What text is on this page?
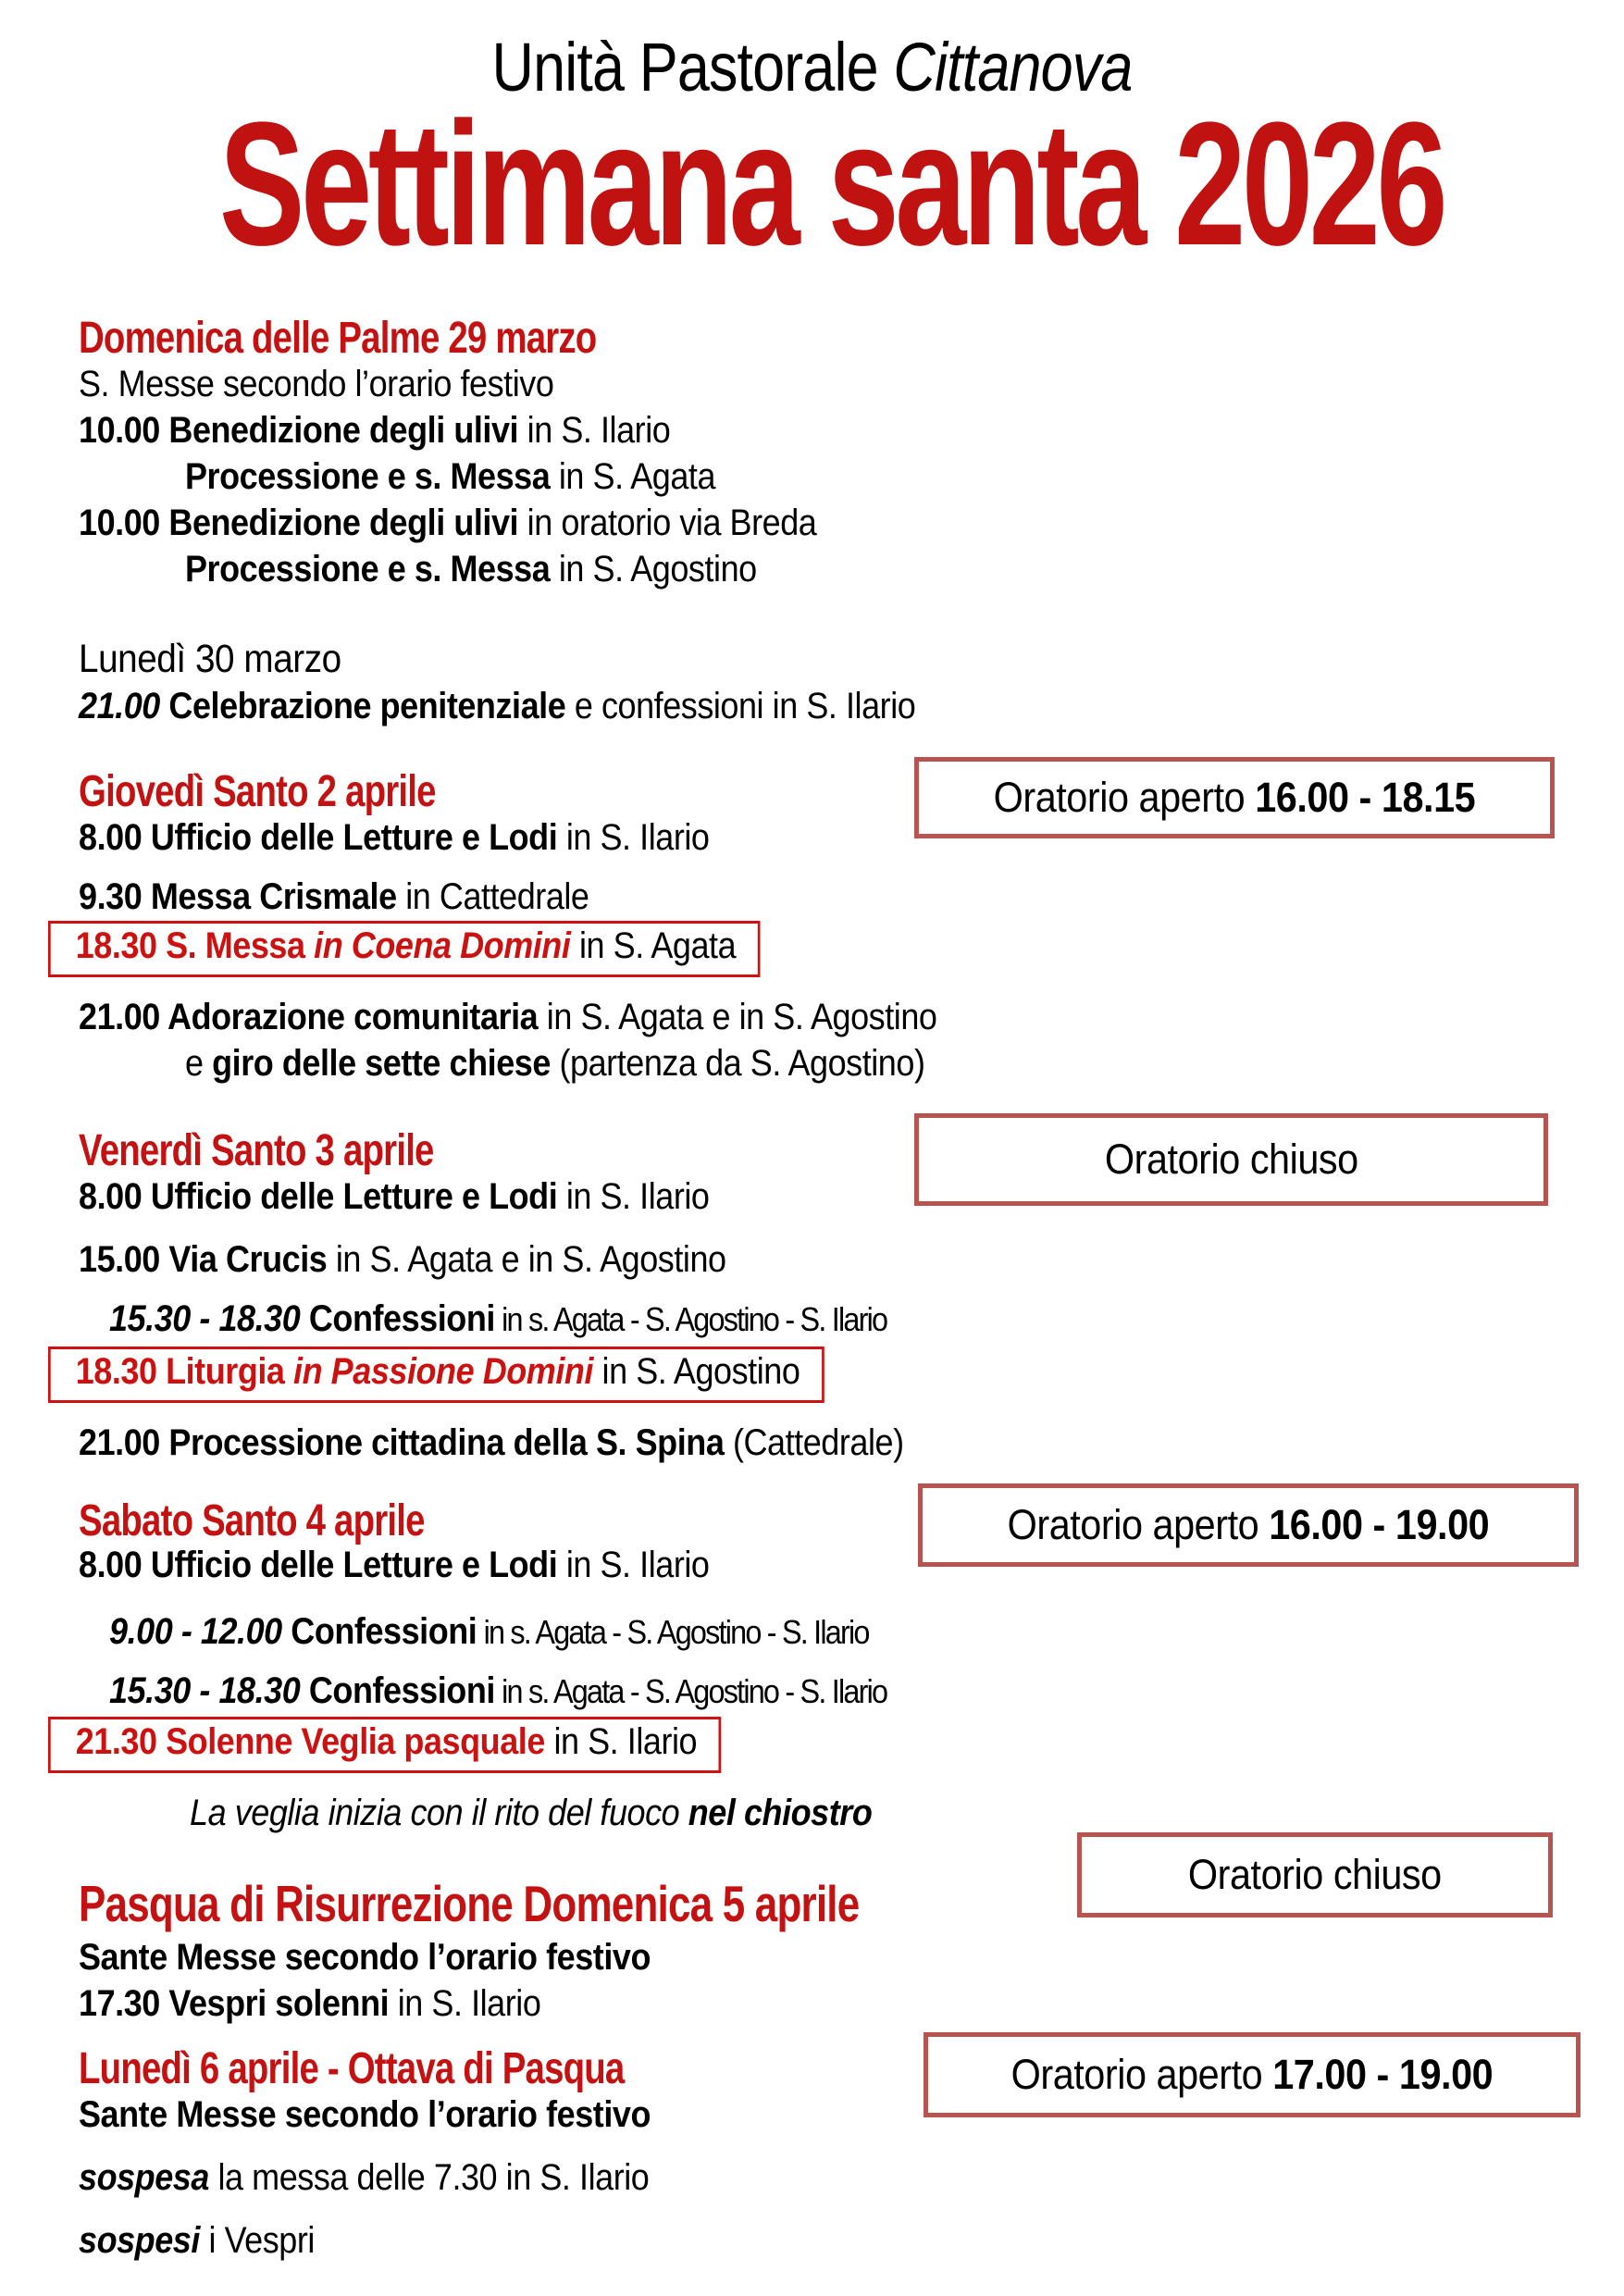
Unità Pastorale Cittanova
Settimana santa 2026
Domenica delle Palme 29 marzo
S. Messe secondo l’orario festivo
10.00 Benedizione degli ulivi in S. Ilario
Processione e s. Messa in S. Agata
10.00 Benedizione degli ulivi in oratorio via Breda
Processione e s. Messa in S. Agostino
Lunedì 30 marzo
21.00 Celebrazione penitenziale e confessioni in S. Ilario
Giovedì Santo 2 aprile	Oratorio aperto 16.00 - 18.15
8.00 Ufficio delle Letture e Lodi in S. Ilario
9.30 Messa Crismale in Cattedrale
18.30 S. Messa in Coena Domini in S. Agata
21.00 Adorazione comunitaria in S. Agata e in S. Agostino
e giro delle sette chiese (partenza da S. Agostino)
Venerdì Santo 3 aprile	Oratorio chiuso
8.00 Ufficio delle Letture e Lodi in S. Ilario
15.00 Via Crucis in S. Agata e in S. Agostino
15.30 - 18.30 Confessioni in s. Agata - S. Agostino - S. Ilario
18.30 Liturgia in Passione Domini in S. Agostino
21.00 Processione cittadina della S. Spina (Cattedrale)
Sabato Santo 4 aprile	Oratorio aperto 16.00 - 19.00
8.00 Ufficio delle Letture e Lodi in S. Ilario
9.00 - 12.00 Confessioni in s. Agata - S. Agostino - S. Ilario
15.30 - 18.30 Confessioni in s. Agata - S. Agostino - S. Ilario
21.30 Solenne Veglia pasquale in S. Ilario
La veglia inizia con il rito del fuoco nel chiostro
Pasqua di Risurrezione Domenica 5 aprile
Oratorio chiuso
Sante Messe secondo l’orario festivo
17.30 Vespri solenni in S. Ilario
Lunedì 6 aprile - Ottava di Pasqua	Oratorio aperto 17.00 - 19.00
Sante Messe secondo l’orario festivo
sospesa la messa delle 7.30 in S. Ilario
sospesi i Vespri
